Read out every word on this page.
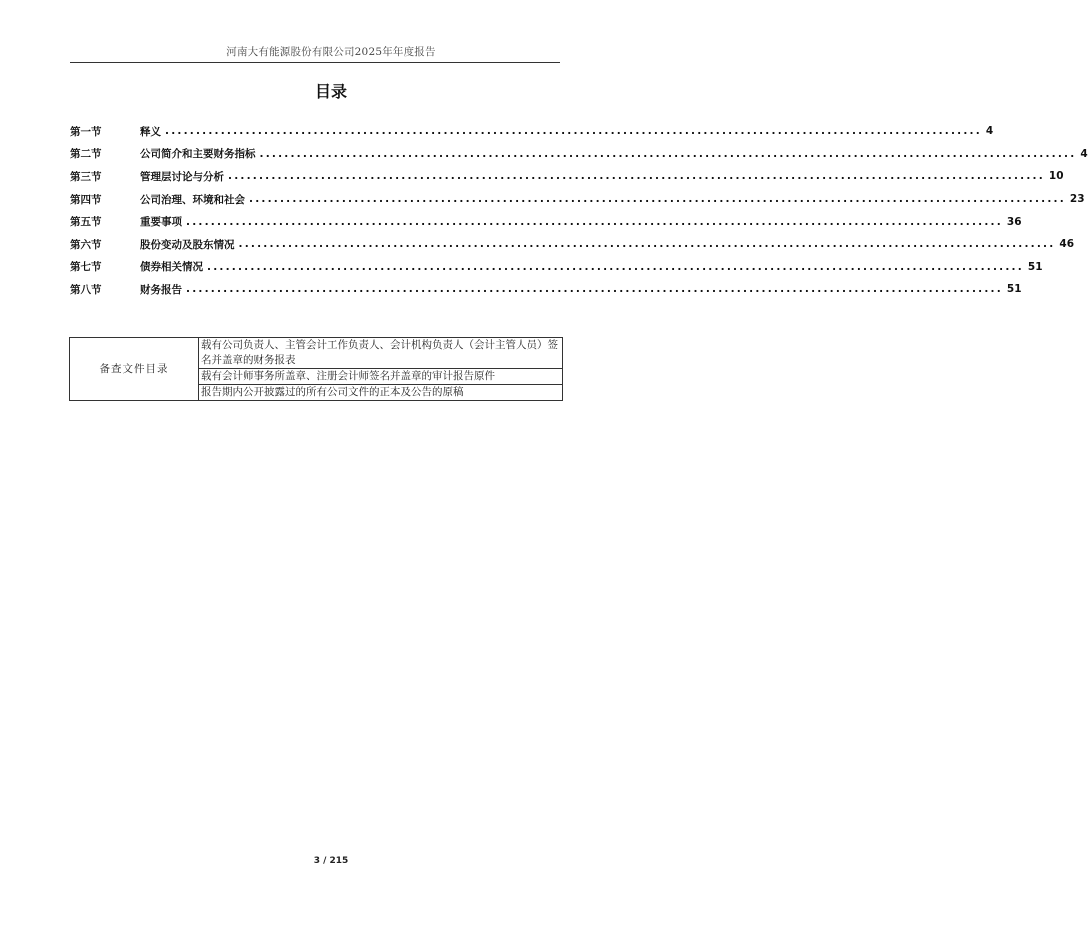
河南大有能源股份有限公司2025年年度报告
目录
第一节	释义 .................................................................................................................................... 4
第二节	公司简介和主要财务指标 .................................................................................................................................... 4
第三节	管理层讨论与分析 .................................................................................................................................... 10
第四节	公司治理、环境和社会 .................................................................................................................................... 23
第五节	重要事项 .................................................................................................................................... 36
第六节	股份变动及股东情况 .................................................................................................................................... 46
第七节	债券相关情况 .................................................................................................................................... 51
第八节	财务报告 .................................................................................................................................... 51
备查文件目录	载有公司负责人、主管会计工作负责人、会计机构负责人（会计主管人员）签名并盖章的财务报表
载有会计师事务所盖章、注册会计师签名并盖章的审计报告原件
报告期内公开披露过的所有公司文件的正本及公告的原稿
3 / 215
